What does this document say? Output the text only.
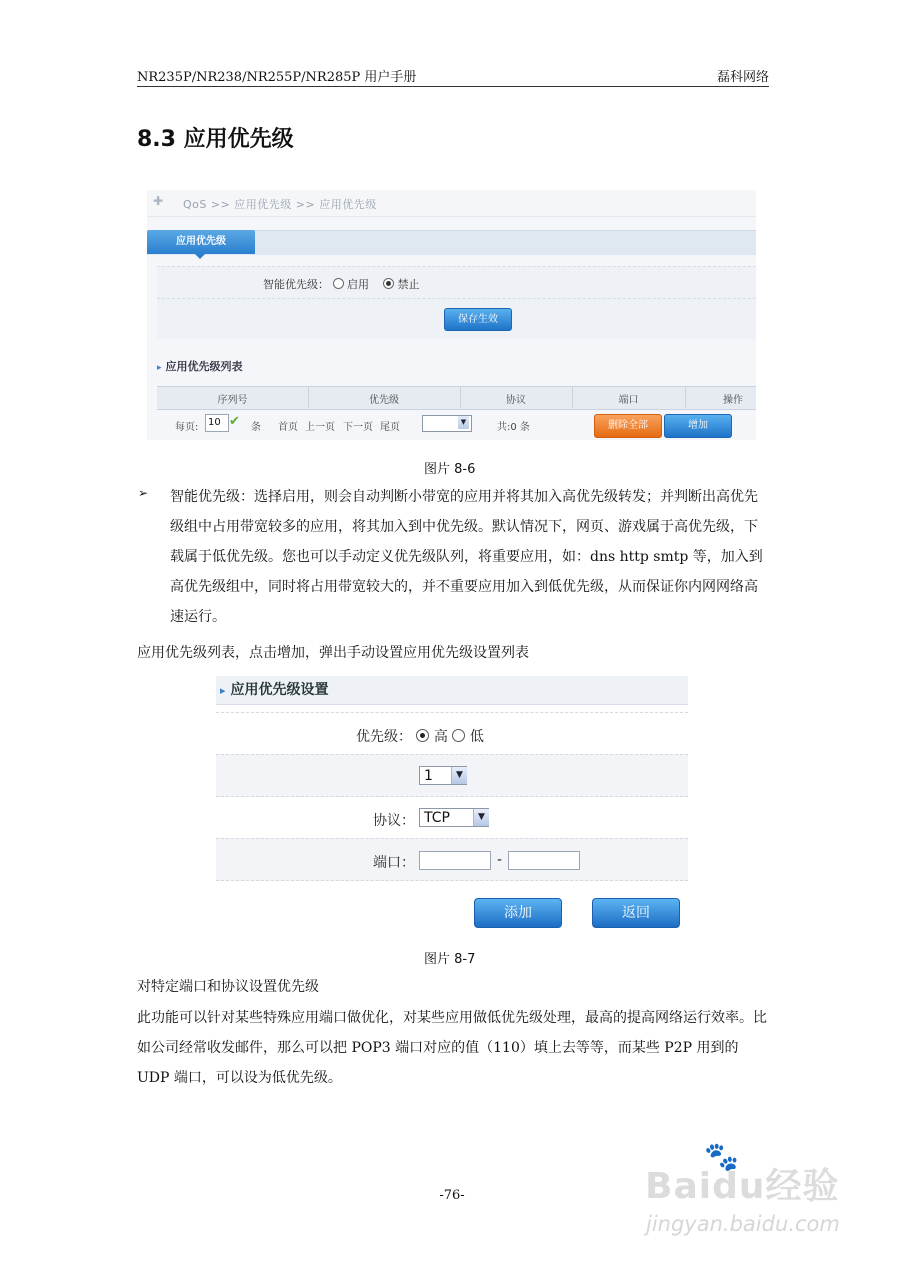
NR235P/NR238/NR255P/NR285P 用户手册	磊科网络
8.3 应用优先级
✚ QoS >> 应用优先级 >> 应用优先级
应用优先级
智能优先级： 启用	禁止
保存生效
▸ 应用优先级列表
序列号	优先级	协议	端口	操作
每页: 10 ✔ 条 首页 上一页 下一页 尾页	▼	共:0 条	删除全部	增加
图片 8-6
➢ 智能优先级：选择启用，则会自动判断小带宽的应用并将其加入高优先级转发；并判断出高优先级组中占用带宽较多的应用，将其加入到中优先级。默认情况下，网页、游戏属于高优先级，下载属于低优先级。您也可以手动定义优先级队列，将重要应用，如：dns http smtp 等，加入到高优先级组中，同时将占用带宽较大的，并不重要应用加入到低优先级，从而保证你内网网络高速运行。
应用优先级列表，点击增加，弹出手动设置应用优先级设置列表
▸ 应用优先级设置
优先级： 高 低
1	▼
协议： TCP	▼
端口：	-
添加	返回
图片 8-7
对特定端口和协议设置优先级
此功能可以针对某些特殊应用端口做优化，对某些应用做低优先级处理，最高的提高网络运行效率。比如公司经常收发邮件，那么可以把 POP3 端口对应的值（110）填上去等等，而某些 P2P 用到的 UDP 端口，可以设为低优先级。
-76-
🐾
Baidu经验
jingyan.baidu.com
